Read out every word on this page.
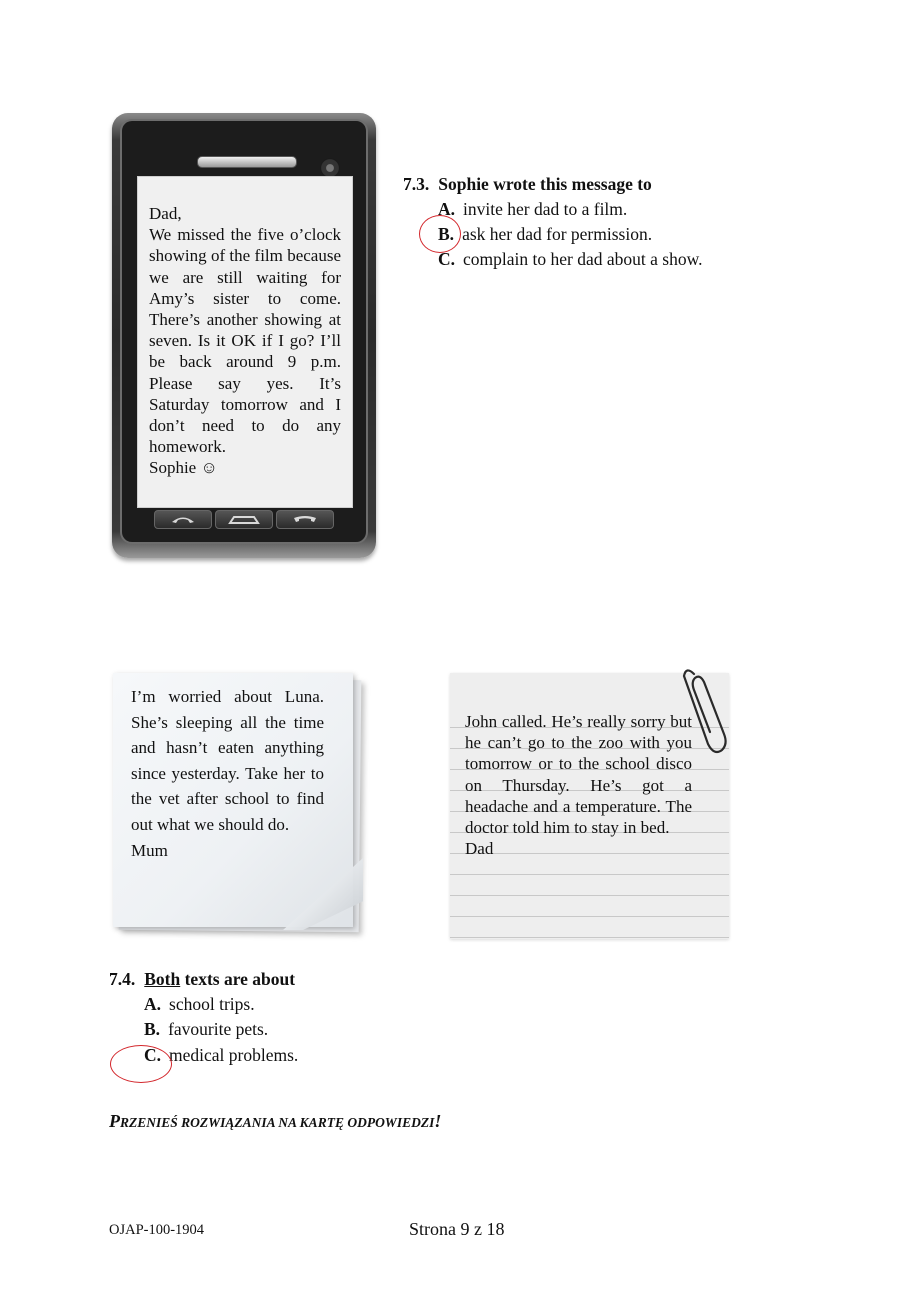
Dad,

We missed the five o’clock showing of the film because we are still waiting for Amy’s sister to come. There’s another showing at seven. Is it OK if I go? I’ll be back around 9 p.m. Please say yes. It’s Saturday tomorrow and I don’t need to do any homework.

Sophie ☺

7.3. Sophie wrote this message to
A. invite her dad to a film.
B. ask her dad for permission.
C. complain to her dad about a show.

I’m worried about Luna. She’s sleeping all the time and hasn’t eaten anything since yesterday. Take her to the vet after school to find out what we should do.

Mum

John called. He’s really sorry but he can’t go to the zoo with you tomorrow or to the school disco on Thursday. He’s got a headache and a temperature. The doctor told him to stay in bed.

Dad

7.4. Both texts are about
A. school trips.
B. favourite pets.
C. medical problems.
PRZENIEŚ ROZWIĄZANIA NA KARTĘ ODPOWIEDZI!
OJAP-100-1904	Strona 9 z 18
